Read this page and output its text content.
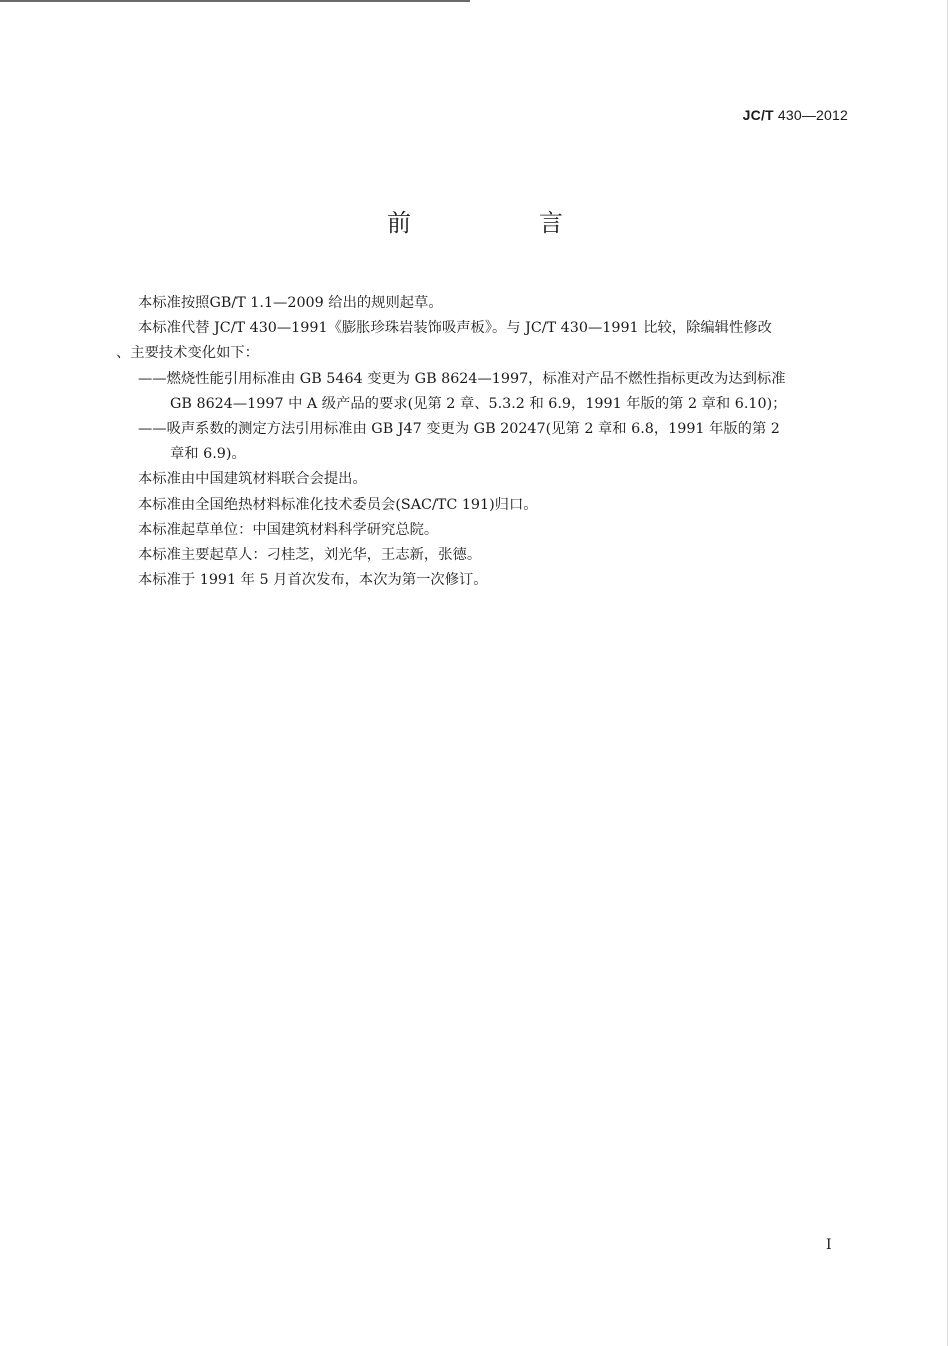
JC/T 430—2012
前　言
本标准按照GB/T 1.1—2009 给出的规则起草。
本标准代替 JC/T 430—1991《膨胀珍珠岩装饰吸声板》。与 JC/T 430—1991 比较，除编辑性修改
、主要技术变化如下：
——燃烧性能引用标准由 GB 5464 变更为 GB 8624—1997，标准对产品不燃性指标更改为达到标准
GB 8624—1997 中 A 级产品的要求(见第 2 章、5.3.2 和 6.9，1991 年版的第 2 章和 6.10)；
——吸声系数的测定方法引用标准由 GB J47 变更为 GB 20247(见第 2 章和 6.8，1991 年版的第 2
章和 6.9)。
本标准由中国建筑材料联合会提出。
本标准由全国绝热材料标准化技术委员会(SAC/TC 191)归口。
本标准起草单位：中国建筑材料科学研究总院。
本标准主要起草人：刁桂芝，刘光华，王志新，张德。
本标准于 1991 年 5 月首次发布，本次为第一次修订。
I
